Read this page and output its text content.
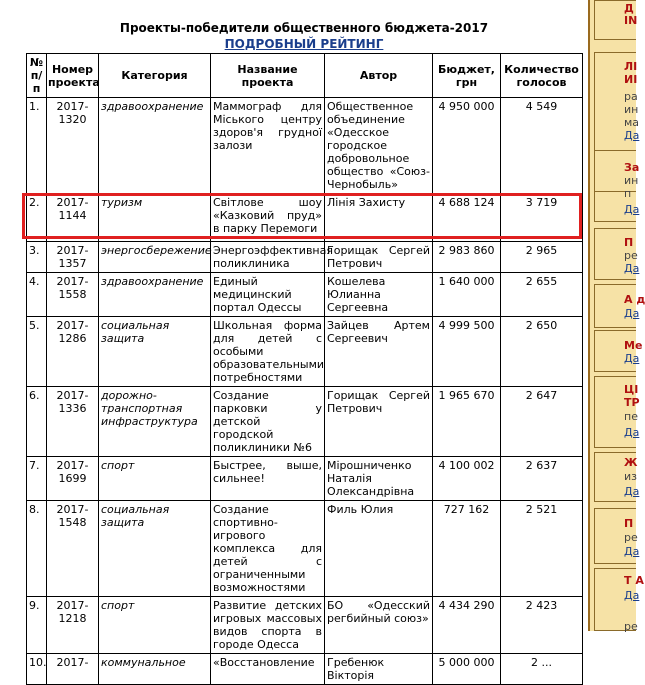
Проекты-победители общественного бюджета-2017
ПОДРОБНЫЙ РЕЙТИНГ
№ п/п	Номер проекта	Категория	Название проекта	Автор	Бюджет, грн	Количество голосов
1.	2017-1320	здравоохранение	Маммограф для Міського центру здоров'я грудної залози	Общественное объединение «Одесское городское добровольное общество «Союз-Чернобыль»	4 950 000	4 549
2.	2017-1144	туризм	Світлове шоу «Казковий пруд» в парку Перемоги	Лінія Захисту	4 688 124	3 719
3.	2017-1357	энергосбережение	Энергоэффективная поликлиника	Горищак Сергей Петрович	2 983 860	2 965
4.	2017-1558	здравоохранение	Единый медицинский портал Одессы	Кошелева Юлианна Сергеевна	1 640 000	2 655
5.	2017-1286	социальная защита	Школьная форма для детей с особыми образовательными потребностями	Зайцев Артем Сергеевич	4 999 500	2 650
6.	2017-1336	дорожно-транспортная инфраструктура	Создание парковки у детской городской поликлиники №6	Горищак Сергей Петрович	1 965 670	2 647
7.	2017-1699	спорт	Быстрее, выше, сильнее!	Мірошниченко Наталія Олександрівна	4 100 002	2 637
8.	2017-1548	социальная защита	Создание спортивно-игрового комплекса для детей с ограниченными возможностями	Филь Юлия	727 162	2 521
9.	2017-1218	спорт	Развитие детских игровых массовых видов спорта в городе Одесса	БО «Одесский регбийный союз»	4 434 290	2 423
10.	2017-	коммунальное	«Восстановление	Гребенюк Вікторія	5 000 000	2 ...
Д
IN
ЛІ
ИІ
ра
ин
ма
Да
За
ин
п
Да
П
ре
Да
А д
Да
Ме
Да
ЦІ
ТР
пе
Да
Ж
из
Да
П
ре
Да
Т А
Да
ре
